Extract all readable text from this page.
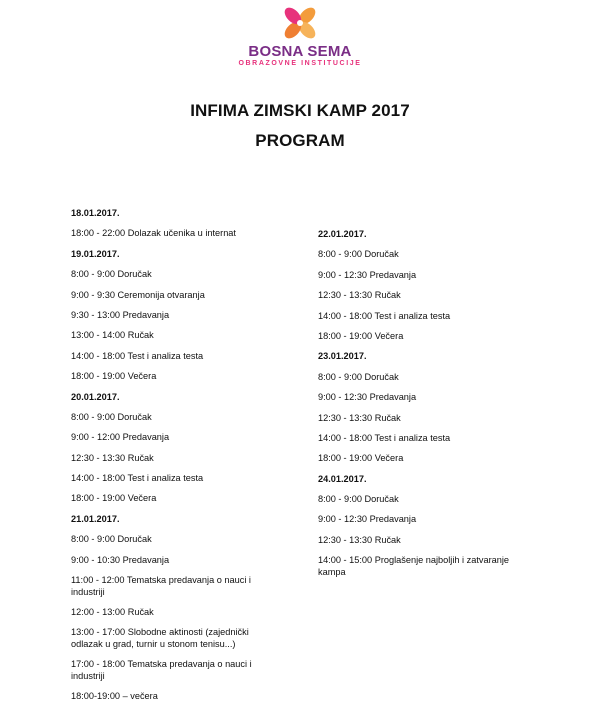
BOSNA SEMA
OBRAZOVNE INSTITUCIJE
INFIMA ZIMSKI KAMP 2017
PROGRAM
18.01.2017.
18:00 - 22:00 Dolazak učenika u internat
19.01.2017.
8:00 - 9:00 Doručak
9:00 - 9:30 Ceremonija otvaranja
9:30 - 13:00 Predavanja
13:00 - 14:00 Ručak
14:00 - 18:00 Test i analiza testa
18:00 - 19:00 Večera
20.01.2017.
8:00 - 9:00 Doručak
9:00 - 12:00 Predavanja
12:30 - 13:30 Ručak
14:00 - 18:00 Test i analiza testa
18:00 - 19:00 Večera
21.01.2017.
8:00 - 9:00 Doručak
9:00 - 10:30 Predavanja
11:00 - 12:00 Tematska predavanja o nauci i industriji
12:00 - 13:00 Ručak
13:00 - 17:00 Slobodne aktinosti (zajednički odlazak u grad, turnir u stonom tenisu...)
17:00 - 18:00 Tematska predavanja o nauci i industriji
18:00-19:00 – večera
22.01.2017.
8:00 - 9:00 Doručak
9:00 - 12:30 Predavanja
12:30 - 13:30 Ručak
14:00 - 18:00 Test i analiza testa
18:00 - 19:00 Večera
23.01.2017.
8:00 - 9:00 Doručak
9:00 - 12:30 Predavanja
12:30 - 13:30 Ručak
14:00 - 18:00 Test i analiza testa
18:00 - 19:00 Večera
24.01.2017.
8:00 - 9:00 Doručak
9:00 - 12:30 Predavanja
12:30 - 13:30 Ručak
14:00 - 15:00 Proglašenje najboljih i zatvaranje kampa
